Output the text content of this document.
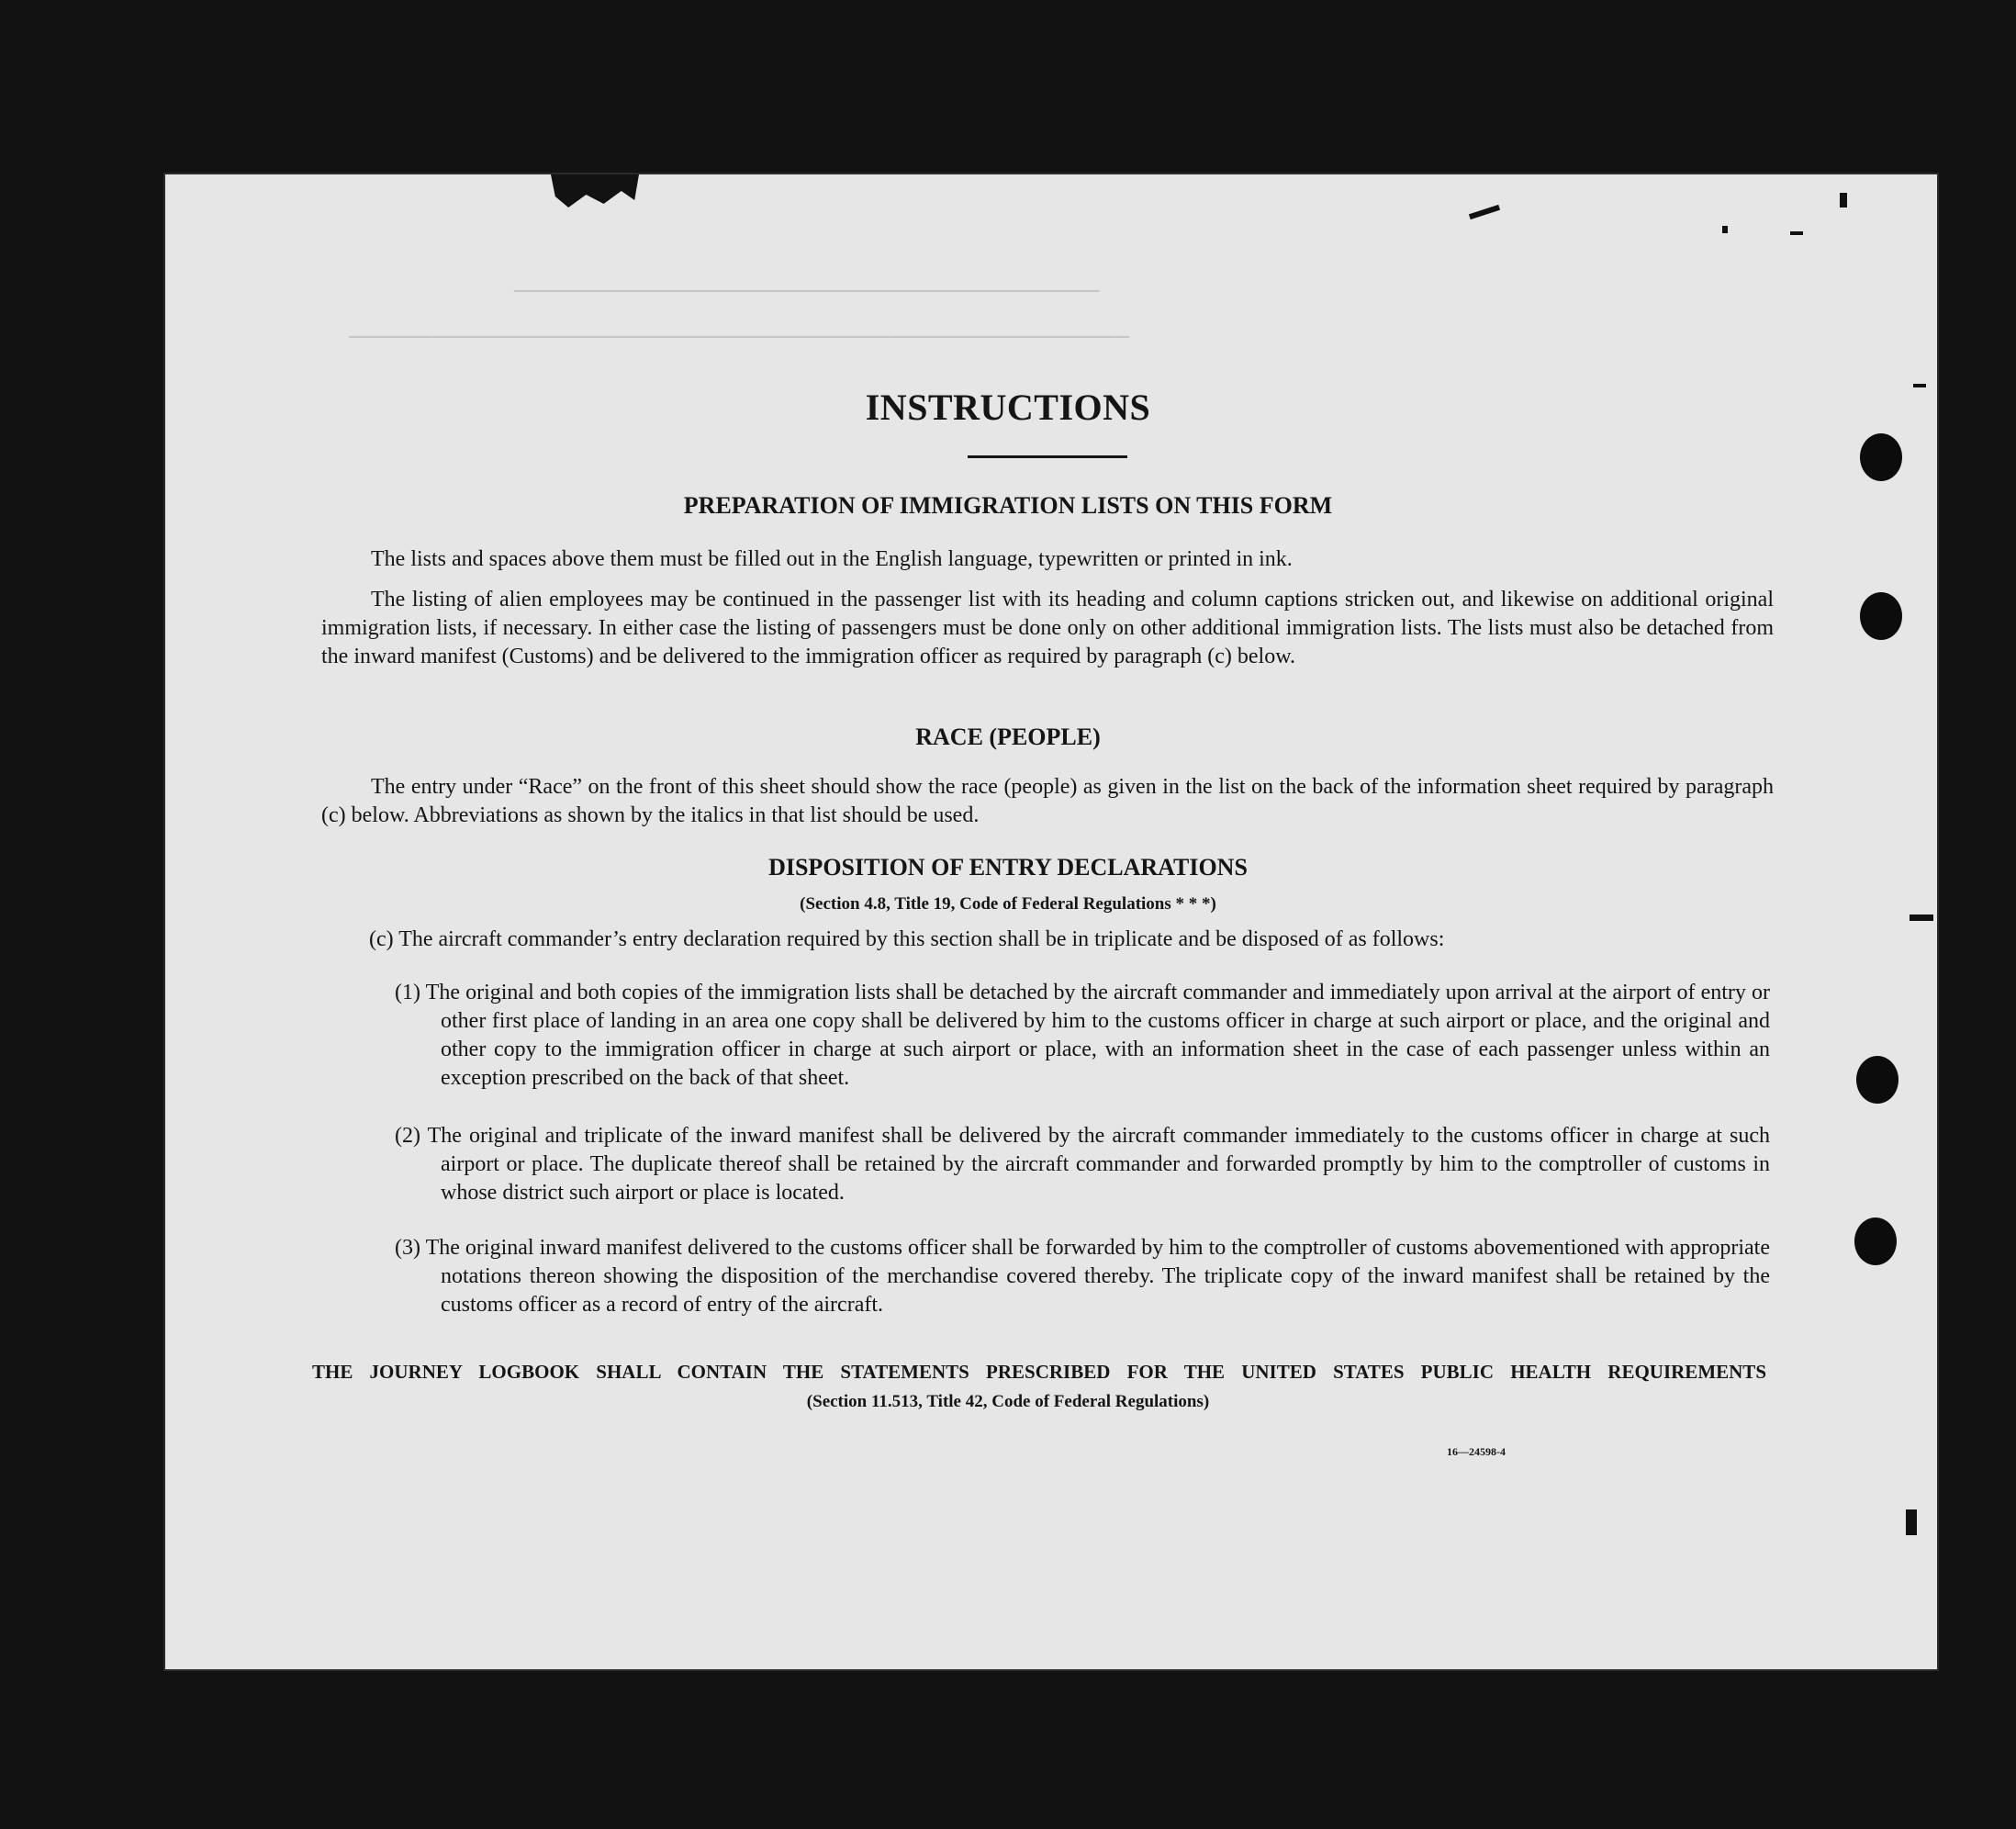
──────────────────────────────
────────────────────────────────────────
INSTRUCTIONS
PREPARATION OF IMMIGRATION LISTS ON THIS FORM
The lists and spaces above them must be filled out in the English language, typewritten or printed in ink.
The listing of alien employees may be continued in the passenger list with its heading and column captions stricken out, and likewise on additional original immigration lists, if necessary. In either case the listing of passengers must be done only on other additional immigration lists. The lists must also be detached from the inward manifest (Customs) and be delivered to the immigration officer as required by paragraph (c) below.
RACE (PEOPLE)
The entry under “Race” on the front of this sheet should show the race (people) as given in the list on the back of the information sheet required by paragraph (c) below. Abbreviations as shown by the italics in that list should be used.
DISPOSITION OF ENTRY DECLARATIONS
(Section 4.8, Title 19, Code of Federal Regulations * * *)
(c) The aircraft commander’s entry declaration required by this section shall be in triplicate and be disposed of as follows:
(1) The original and both copies of the immigration lists shall be detached by the aircraft commander and immediately upon arrival at the airport of entry or other first place of landing in an area one copy shall be delivered by him to the customs officer in charge at such airport or place, and the original and other copy to the immigration officer in charge at such airport or place, with an information sheet in the case of each passenger unless within an exception prescribed on the back of that sheet.
(2) The original and triplicate of the inward manifest shall be delivered by the aircraft commander immediately to the customs officer in charge at such airport or place. The duplicate thereof shall be retained by the aircraft commander and forwarded promptly by him to the comptroller of customs in whose district such airport or place is located.
(3) The original inward manifest delivered to the customs officer shall be forwarded by him to the comptroller of customs abovementioned with appropriate notations thereon showing the disposition of the merchandise covered thereby. The triplicate copy of the inward manifest shall be retained by the customs officer as a record of entry of the aircraft.
THE JOURNEY LOGBOOK SHALL CONTAIN THE STATEMENTS PRESCRIBED FOR THE UNITED STATES PUBLIC HEALTH REQUIREMENTS
(Section 11.513, Title 42, Code of Federal Regulations)
16—24598-4
